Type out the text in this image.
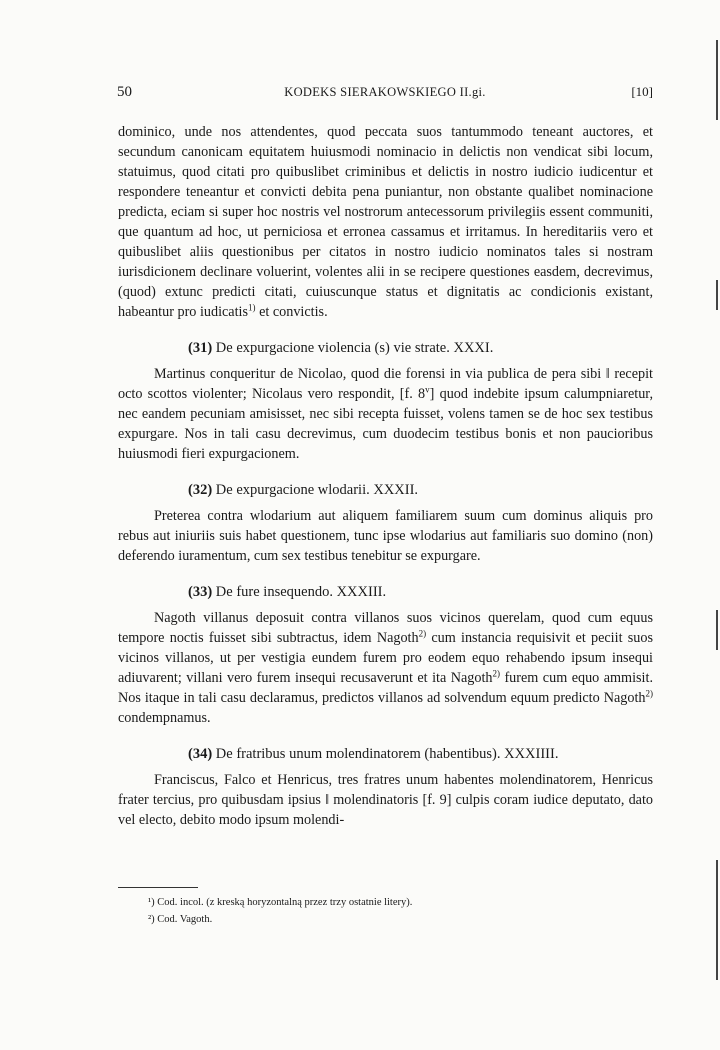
50	KODEKS SIERAKOWSKIEGO II.gi.	[10]

dominico, unde nos attendentes, quod peccata suos tantummodo teneant auctores, et secundum canonicam equitatem huiusmodi nominacio in delictis non vendicat sibi locum, statuimus, quod citati pro quibuslibet criminibus et delictis in nostro iudicio iudicentur et respondere teneantur et convicti debita pena puniantur, non obstante qualibet nominacione predicta, eciam si super hoc nostris vel nostrorum antecessorum privilegiis essent communiti, que quantum ad hoc, ut perniciosa et erronea cassamus et irritamus. In hereditariis vero et quibuslibet aliis questionibus per citatos in nostro iudicio nominatos tales si nostram iurisdicionem declinare voluerint, volentes alii in se recipere questiones easdem, decrevimus, (quod) extunc predicti citati, cuiuscunque status et dignitatis ac condicionis existant, habeantur pro iudicatis$^{1)}$ et convictis.

(31) De expurgacione violencia (s) vie strate. XXXI.

Martinus conqueritur de Nicolao, quod die forensi in via publica de pera sibi ‖ recepit octo scottos violenter; Nicolaus vero respondit, [f. 8$^v$] quod indebite ipsum calumpniaretur, nec eandem pecuniam amisisset, nec sibi recepta fuisset, volens tamen se de hoc sex testibus expurgare. Nos in tali casu decrevimus, cum duodecim testibus bonis et non paucioribus huiusmodi fieri expurgacionem.

(32) De expurgacione wlodarii. XXXII.

Preterea contra wlodarium aut aliquem familiarem suum cum dominus aliquis pro rebus aut iniuriis suis habet questionem, tunc ipse wlodarius aut familiaris suo domino (non) deferendo iuramentum, cum sex testibus tenebitur se expurgare.

(33) De fure insequendo. XXXIII.

Nagoth villanus deposuit contra villanos suos vicinos querelam, quod cum equus tempore noctis fuisset sibi subtractus, idem Nagoth$^{2)}$ cum instancia requisivit et peciit suos vicinos villanos, ut per vestigia eundem furem pro eodem equo rehabendo ipsum insequi adiuvarent; villani vero furem insequi recusaverunt et ita Nagoth$^{2)}$ furem cum equo ammisit. Nos itaque in tali casu declaramus, predictos villanos ad solvendum equum predicto Nagoth$^{2)}$ condempnamus.

(34) De fratribus unum molendinatorem (habentibus). XXXIIII.

Franciscus, Falco et Henricus, tres fratres unum habentes molendinatorem, Henricus frater tercius, pro quibusdam ipsius ‖ molendinatoris [f. 9] culpis coram iudice deputato, dato vel electo, debito modo ipsum molendi-

¹) Cod. incol. (z kreską horyzontalną przez trzy ostatnie litery).
²) Cod. Vagoth.
